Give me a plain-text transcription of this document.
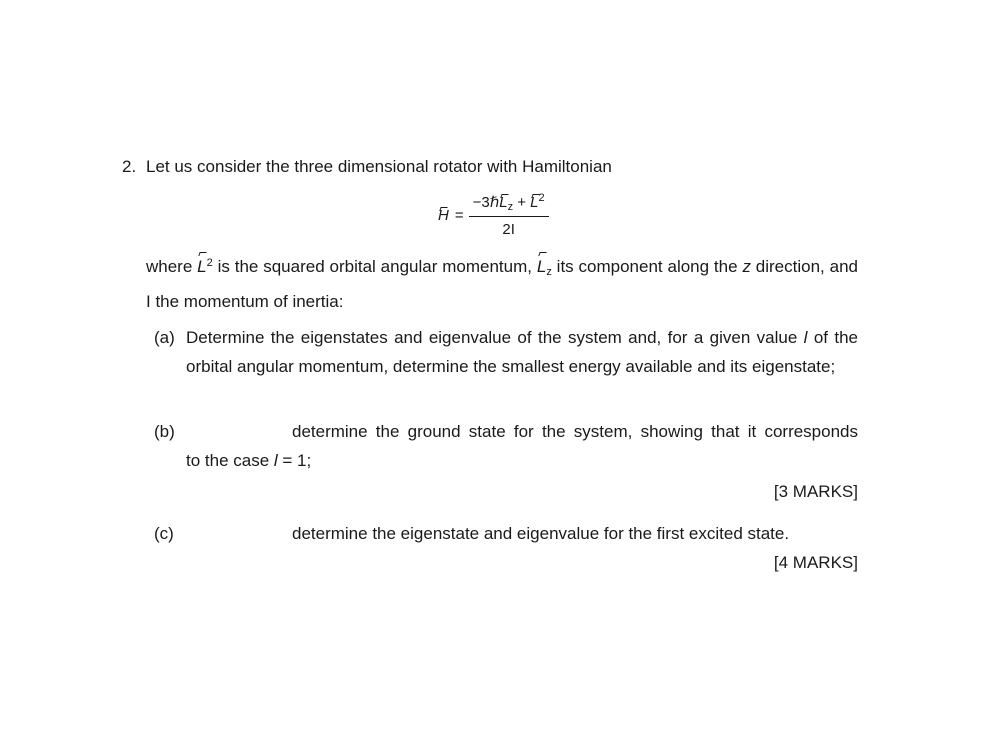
2. Let us consider the three dimensional rotator with Hamiltonian
$H = \frac{-3\hbar L_z + L^2}{2I}$
where $L^2$ is the squared orbital angular momentum, $L_z$ its component along the z direction, and I the momentum of inertia:
(a) Determine the eigenstates and eigenvalue of the system and, for a given value l of the orbital angular momentum, determine the smallest energy available and its eigenstate;
(b)	determine the ground state for the system, showing that it corresponds
to the case l = 1;
[3 MARKS]
(c)	determine the eigenstate and eigenvalue for the first excited state.
[4 MARKS]
